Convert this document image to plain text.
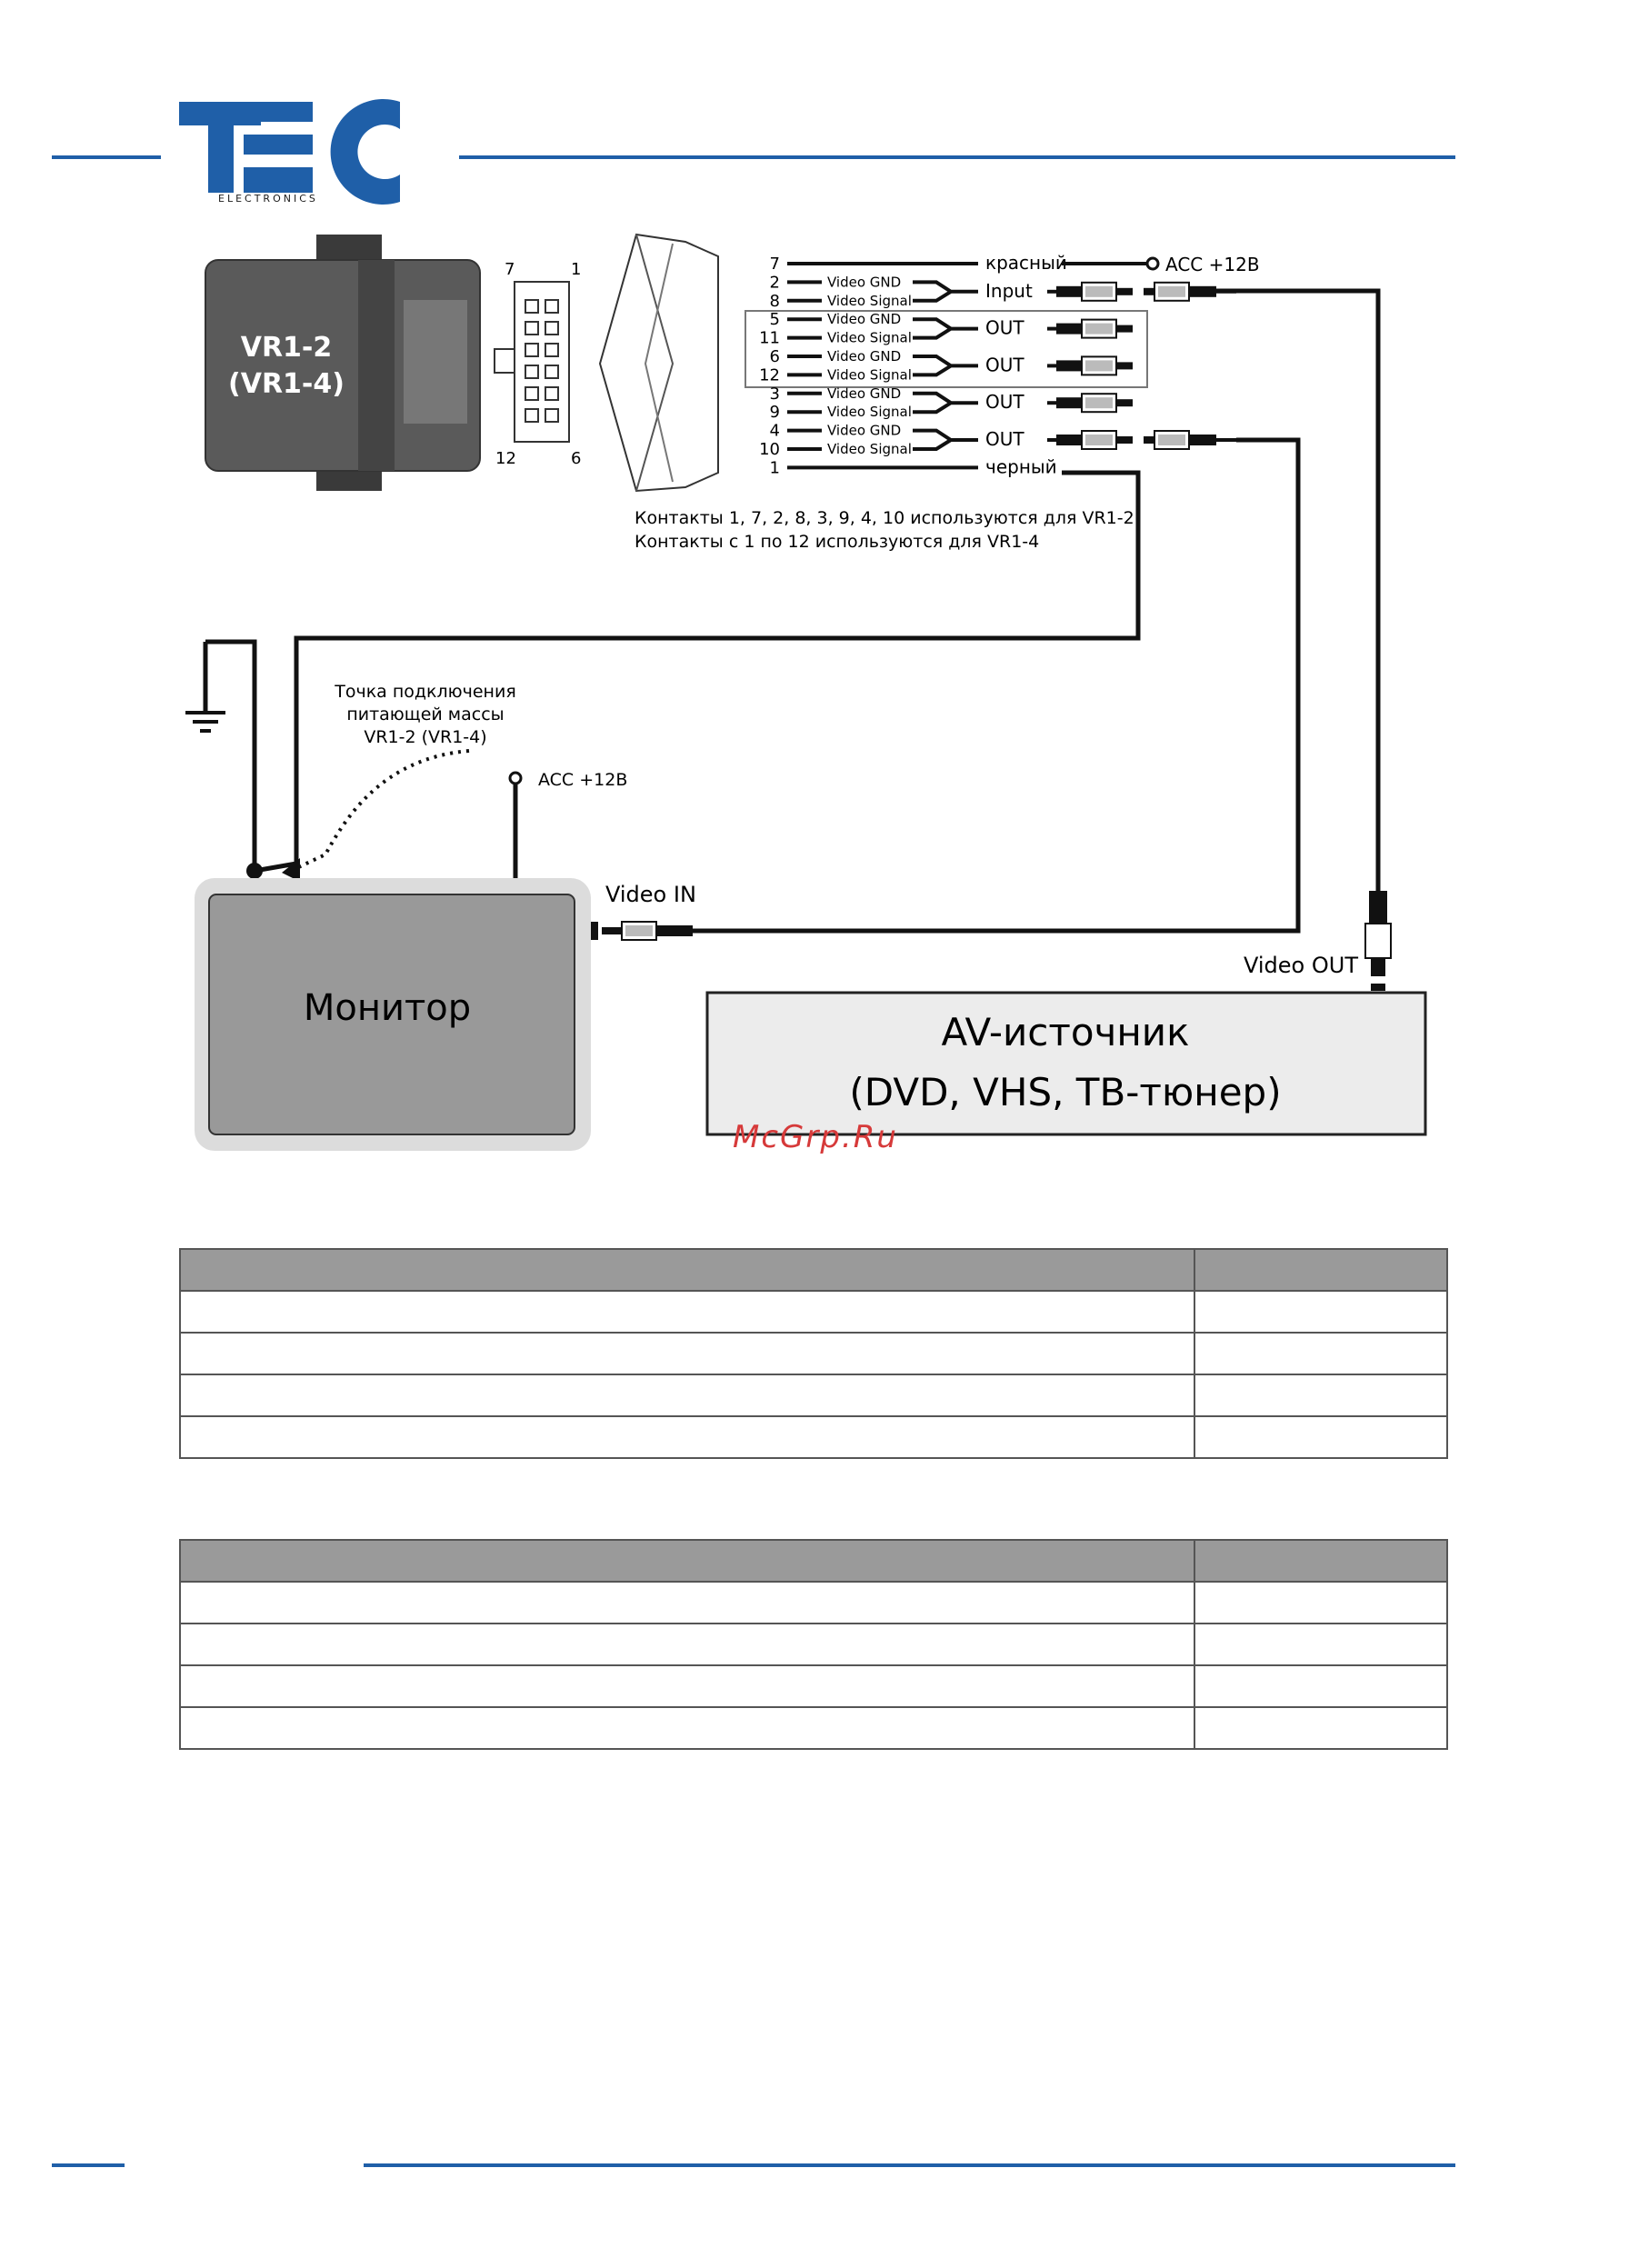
ELECTRONICS
VR1-2
(VR1-4)
7	1
12	6
7	красный
2	Video GND
8	Video Signal	Input
5	Video GND
11	Video Signal	OUT
6	Video GND
12	Video Signal	OUT
3	Video GND
9	Video Signal	OUT
4	Video GND
10	Video Signal	OUT
1	черный
ACC +12B
Контакты 1, 7, 2, 8, 3, 9, 4, 10 используются для VR1-2
Контакты с 1 по 12 используются для VR1-4
Точка подключения
питающей массы
VR1-2 (VR1-4)
ACC +12B
Монитор
Video IN
Video OUT
AV-источник
(DVD, VHS, ТВ-тюнер)
McGrp.Ru
